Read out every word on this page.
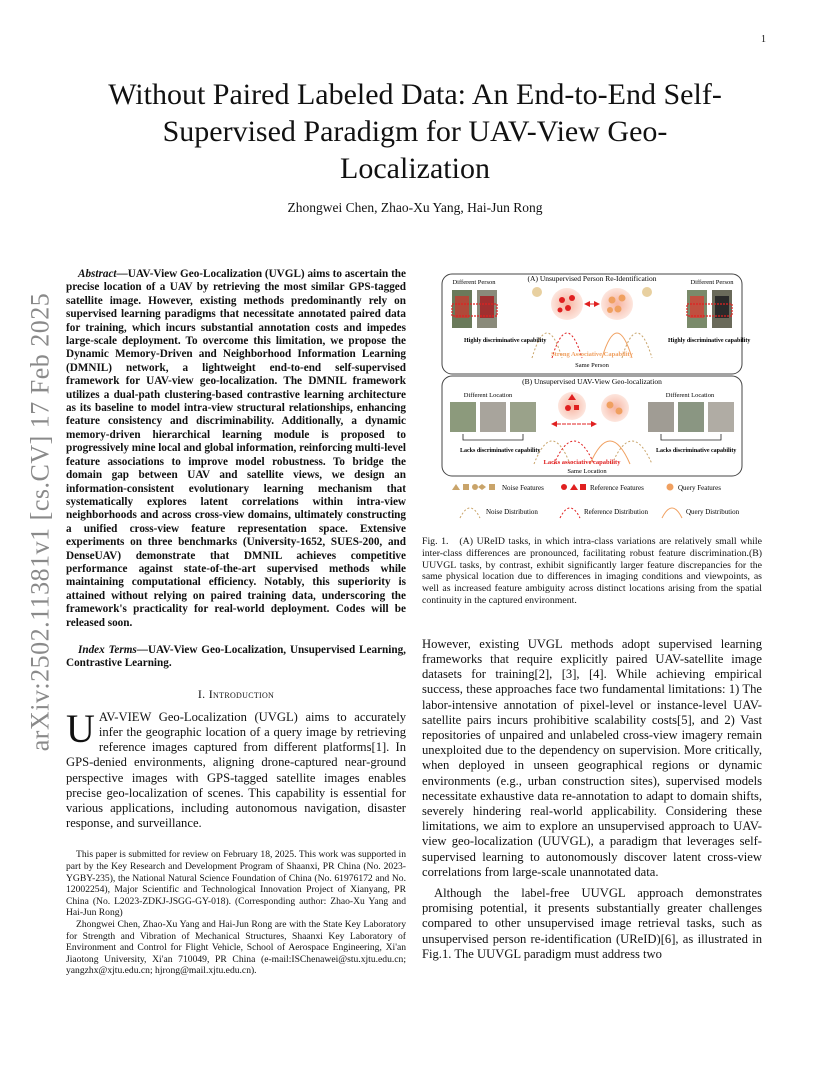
1
arXiv:2502.11381v1 [cs.CV] 17 Feb 2025
Without Paired Labeled Data: An End-to-End Self-Supervised Paradigm for UAV-View Geo-Localization
Zhongwei Chen, Zhao-Xu Yang, Hai-Jun Rong

Abstract—UAV-View Geo-Localization (UVGL) aims to ascertain the precise location of a UAV by retrieving the most similar GPS-tagged satellite image. However, existing methods predominantly rely on supervised learning paradigms that necessitate annotated paired data for training, which incurs substantial annotation costs and impedes large-scale deployment. To overcome this limitation, we propose the Dynamic Memory-Driven and Neighborhood Information Learning (DMNIL) network, a lightweight end-to-end self-supervised framework for UAV-view geo-localization. The DMNIL framework utilizes a dual-path clustering-based contrastive learning architecture as its baseline to model intra-view structural relationships, enhancing feature consistency and discriminability. Additionally, a dynamic memory-driven hierarchical learning module is proposed to progressively mine local and global information, reinforcing multi-level feature associations to improve model robustness. To bridge the domain gap between UAV and satellite views, we design an information-consistent evolutionary learning mechanism that systematically explores latent correlations within intra-view neighborhoods and across cross-view domains, ultimately constructing a unified cross-view feature representation space. Extensive experiments on three benchmarks (University-1652, SUES-200, and DenseUAV) demonstrate that DMNIL achieves competitive performance against state-of-the-art supervised methods while maintaining computational efficiency. Notably, this superiority is attained without relying on paired training data, underscoring the framework's practicality for real-world deployment. Codes will be released soon.

Index Terms—UAV-View Geo-Localization, Unsupervised Learning, Contrastive Learning.

I. Introduction

UAV-VIEW Geo-Localization (UVGL) aims to accurately infer the geographic location of a query image by retrieving reference images captured from different platforms[1]. In GPS-denied environments, aligning drone-captured near-ground perspective images with GPS-tagged satellite images enables precise geo-localization of scenes. This capability is essential for various applications, including autonomous navigation, disaster response, and surveillance.

This paper is submitted for review on February 18, 2025. This work was supported in part by the Key Research and Development Program of Shaanxi, PR China (No. 2023-YGBY-235), the National Natural Science Foundation of China (No. 61976172 and No. 12002254), Major Scientific and Technological Innovation Project of Xianyang, PR China (No. L2023-ZDKJ-JSGG-GY-018). (Corresponding author: Zhao-Xu Yang and Hai-Jun Rong)

Zhongwei Chen, Zhao-Xu Yang and Hai-Jun Rong are with the State Key Laboratory for Strength and Vibration of Mechanical Structures, Shaanxi Key Laboratory of Environment and Control for Flight Vehicle, School of Aerospace Engineering, Xi'an Jiaotong University, Xi'an 710049, PR China (e-mail:ISChenawei@stu.xjtu.edu.cn; yangzhx@xjtu.edu.cn; hjrong@mail.xjtu.edu.cn).

(A) Unsupervised Person Re-Identification
Different Person	Different Person
Highly discriminative capability	Highly discriminative capability
Strong Associative Capability
Same Person
(B) Unsupervised UAV-View Geo-localization
Different Location	Different Location
Lacks discriminative capability	Lacks discriminative capability
Lacks associative capability
Same Location
Noise Features	Reference Features	Query Features
Noise Distribution	Reference Distribution	Query Distribution

Fig. 1. (A) UReID tasks, in which intra-class variations are relatively small while inter-class differences are pronounced, facilitating robust feature discrimination.(B) UUVGL tasks, by contrast, exhibit significantly larger feature discrepancies for the same physical location due to differences in imaging conditions and viewpoints, as well as increased feature ambiguity across distinct locations arising from the spatial continuity in the captured environment.

However, existing UVGL methods adopt supervised learning frameworks that require explicitly paired UAV-satellite image datasets for training[2], [3], [4]. While achieving empirical success, these approaches face two fundamental limitations: 1) The labor-intensive annotation of pixel-level or instance-level UAV-satellite pairs incurs prohibitive scalability costs[5], and 2) Vast repositories of unpaired and unlabeled cross-view imagery remain unexploited due to the dependency on supervision. More critically, when deployed in unseen geographical regions or dynamic environments (e.g., urban construction sites), supervised models necessitate exhaustive data re-annotation to adapt to domain shifts, severely hindering real-world applicability. Considering these limitations, we aim to explore an unsupervised approach to UAV-view geo-localization (UUVGL), a paradigm that leverages self-supervised learning to autonomously discover latent cross-view correlations from large-scale unannotated data.

Although the label-free UUVGL approach demonstrates promising potential, it presents substantially greater challenges compared to other unsupervised image retrieval tasks, such as unsupervised person re-identification (UReID)[6], as illustrated in Fig.1. The UUVGL paradigm must address two
